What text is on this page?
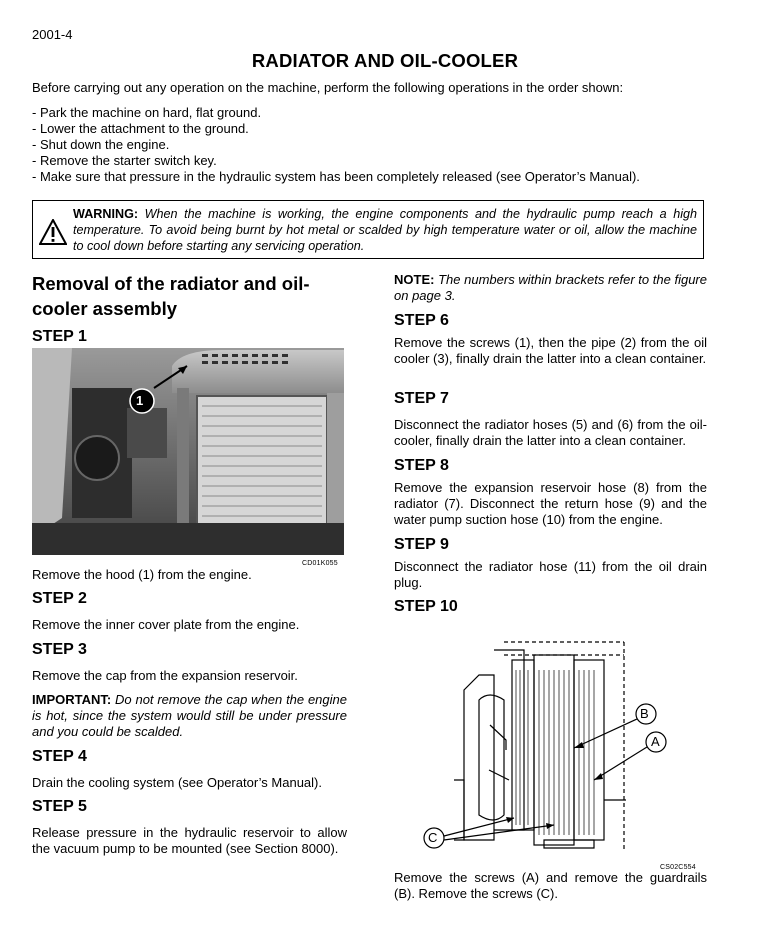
2001-4
RADIATOR AND OIL-COOLER
Before carrying out any operation on the machine, perform the following operations in the order shown:
- Park the machine on hard, flat ground.
- Lower the attachment to the ground.
- Shut down the engine.
- Remove the starter switch key.
- Make sure that pressure in the hydraulic system has been completely released (see Operator’s Manual).
WARNING: When the machine is working, the engine components and the hydraulic pump reach a high temperature. To avoid being burnt by hot metal or scalded by high temperature water or oil, allow the machine to cool down before starting any servicing operation.
Removal of the radiator and oil-cooler assembly
STEP 1
1
CD01K055
Remove the hood (1) from the engine.
STEP 2
Remove the inner cover plate from the engine.
STEP 3
Remove the cap from the expansion reservoir.
IMPORTANT: Do not remove the cap when the engine is hot, since the system would still be under pressure and you could be scalded.
STEP 4
Drain the cooling system (see Operator’s Manual).
STEP 5
Release pressure in the hydraulic reservoir to allow the vacuum pump to be mounted (see Section 8000).
NOTE: The numbers within brackets refer to the figure on page 3.
STEP 6
Remove the screws (1), then the pipe (2) from the oil cooler (3), finally drain the latter into a clean container.
STEP 7
Disconnect the radiator hoses (5) and (6) from the oil-cooler, finally drain the latter into a clean container.
STEP 8
Remove the expansion reservoir hose (8) from the radiator (7). Disconnect the return hose (9) and the water pump suction hose (10) from the engine.
STEP 9
Disconnect the radiator hose (11) from the oil drain plug.
STEP 10
B
A
C
CS02C554
Remove the screws (A) and remove the guardrails (B). Remove the screws (C).
